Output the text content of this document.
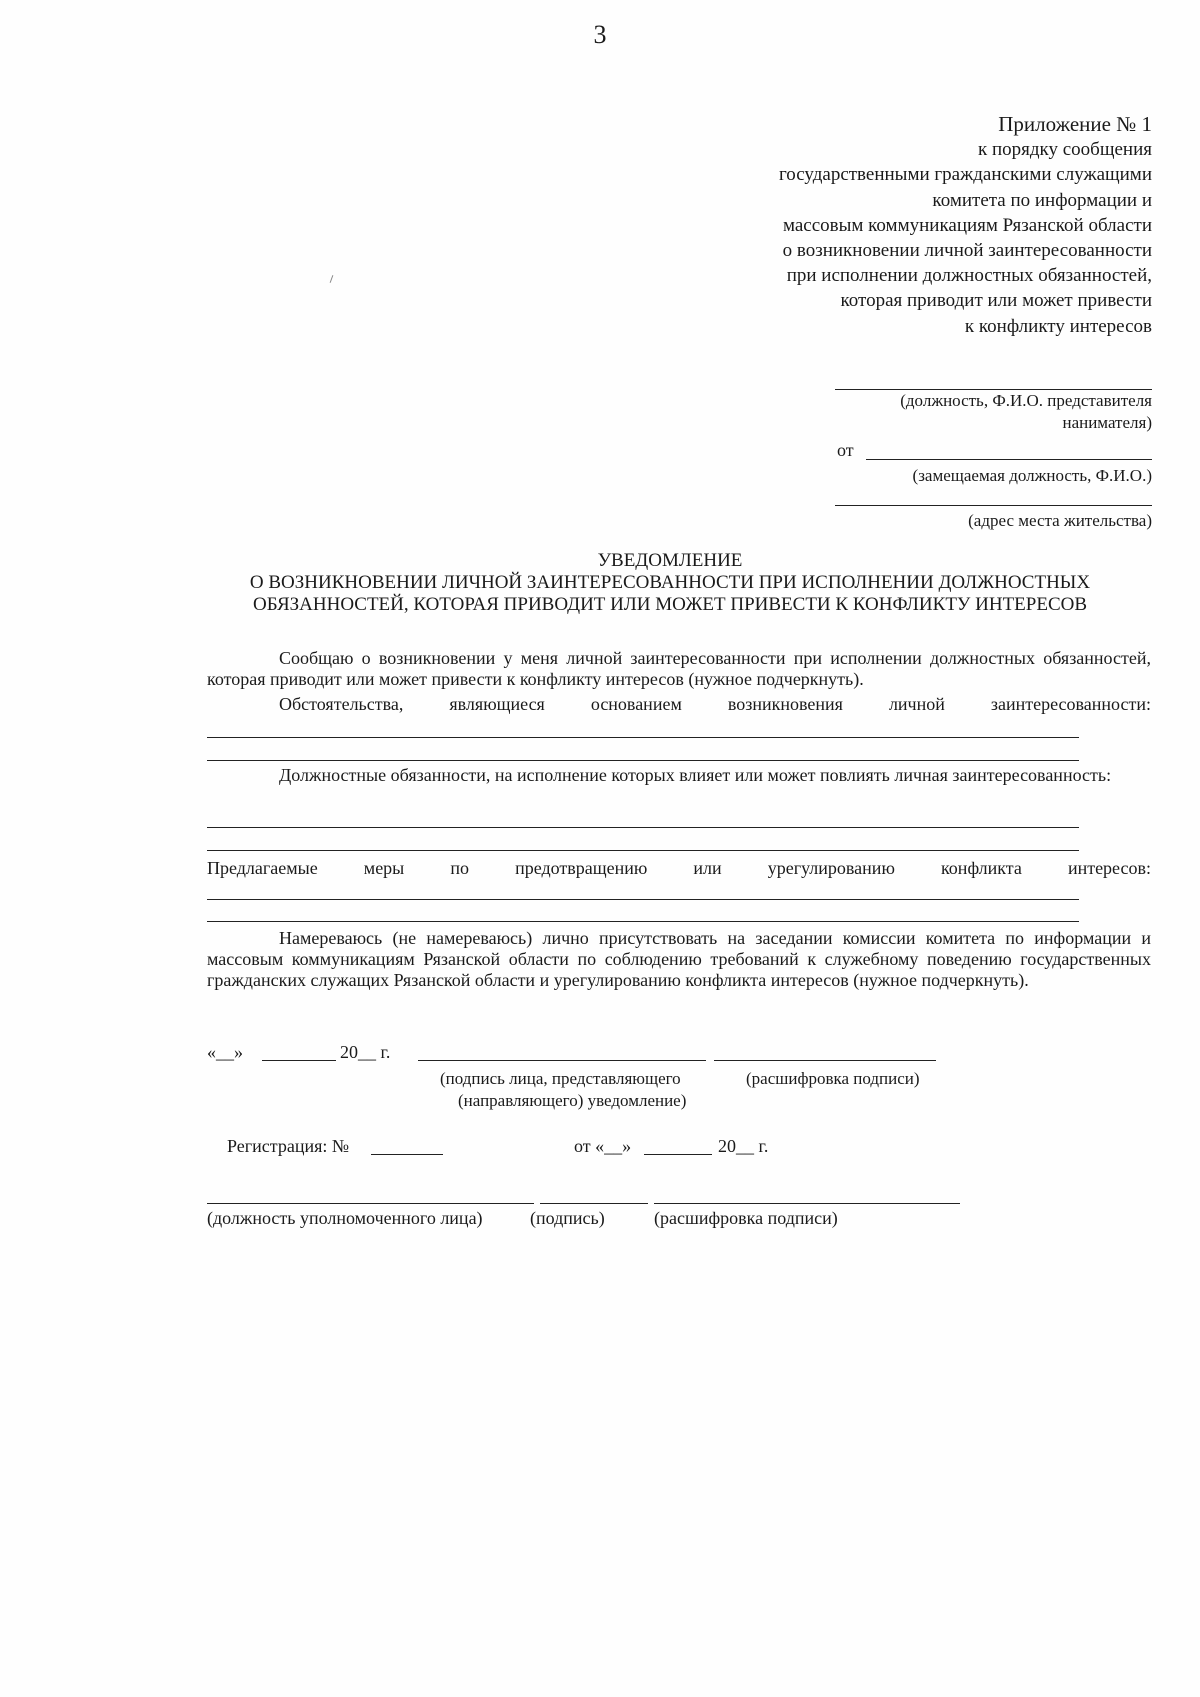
3
Приложение № 1
к порядку сообщения
государственными гражданскими служащими
комитета по информации и
массовым коммуникациям Рязанской области
о возникновении личной заинтересованности
при исполнении должностных обязанностей,
которая приводит или может привести
к конфликту интересов
(должность, Ф.И.О. представителя
нанимателя)
от
(замещаемая должность, Ф.И.О.)
(адрес места жительства)
УВЕДОМЛЕНИЕ
О ВОЗНИКНОВЕНИИ ЛИЧНОЙ ЗАИНТЕРЕСОВАННОСТИ ПРИ ИСПОЛНЕНИИ ДОЛЖНОСТНЫХ
ОБЯЗАННОСТЕЙ, КОТОРАЯ ПРИВОДИТ ИЛИ МОЖЕТ ПРИВЕСТИ К КОНФЛИКТУ ИНТЕРЕСОВ
Сообщаю о возникновении у меня личной заинтересованности при исполнении должностных обязанностей, которая приводит или может привести к конфликту интересов (нужное подчеркнуть).
Обстоятельства, являющиеся основанием возникновения личной заинтересованности:
Должностные обязанности, на исполнение которых влияет или может повлиять личная заинтересованность:
Предлагаемые меры по предотвращению или урегулированию конфликта интересов:
Намереваюсь (не намереваюсь) лично присутствовать на заседании комиссии комитета по информации и массовым коммуникациям Рязанской области по соблюдению требований к служебному поведению государственных гражданских служащих Рязанской области и урегулированию конфликта интересов (нужное подчеркнуть).
«__»	20__ г.
(подпись лица, представляющего	(расшифровка подписи)
(направляющего) уведомление)
Регистрация: №	от «__»	20__ г.
(должность уполномоченного лица)	(подпись)	(расшифровка подписи)
